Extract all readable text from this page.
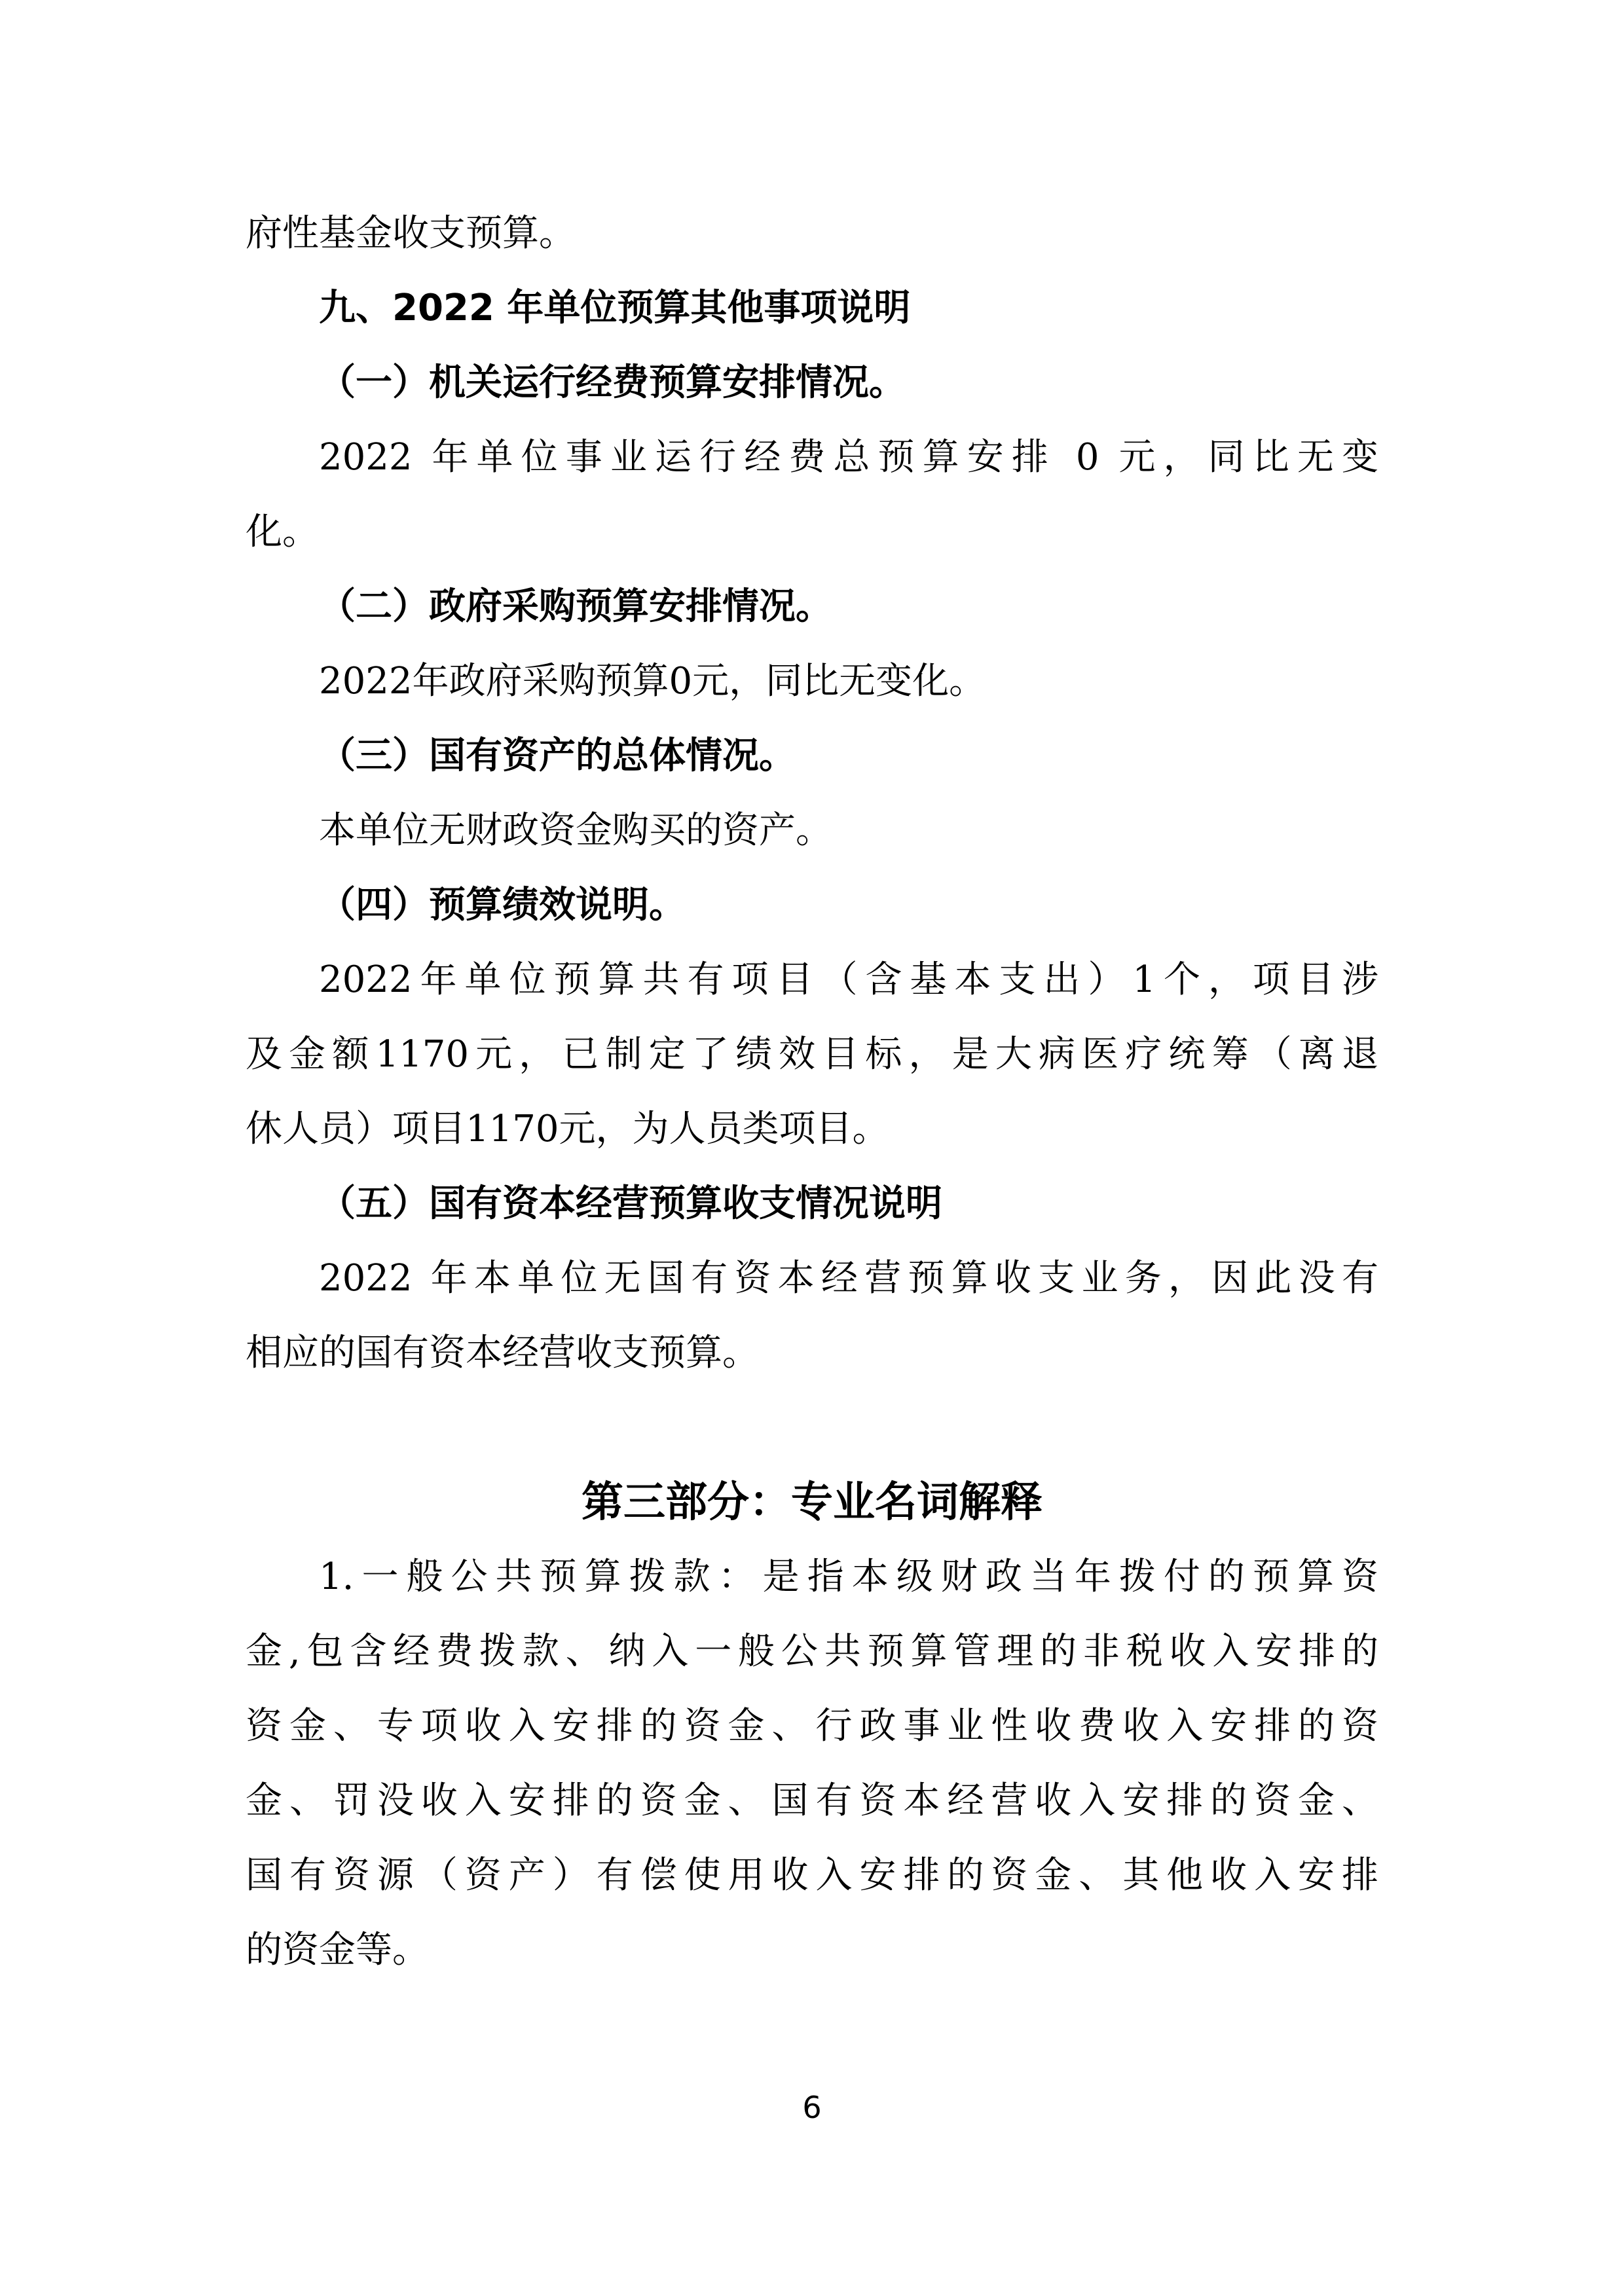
府性基金收支预算。
九、2022 年单位预算其他事项说明
（一）机关运行经费预算安排情况。
2022 年单位事业运行经费总预算安排 0 元，同比无变
化。
（二）政府采购预算安排情况。
2022年政府采购预算0元，同比无变化。
（三）国有资产的总体情况。
本单位无财政资金购买的资产。
（四）预算绩效说明。
2022年单位预算共有项目（含基本支出）1个，项目涉
及金额1170元，已制定了绩效目标，是大病医疗统筹（离退
休人员）项目1170元，为人员类项目。
（五）国有资本经营预算收支情况说明
2022 年本单位无国有资本经营预算收支业务，因此没有
相应的国有资本经营收支预算。
第三部分：专业名词解释
1.一般公共预算拨款：是指本级财政当年拨付的预算资
金,包含经费拨款、纳入一般公共预算管理的非税收入安排的
资金、专项收入安排的资金、行政事业性收费收入安排的资
金、罚没收入安排的资金、国有资本经营收入安排的资金、
国有资源（资产）有偿使用收入安排的资金、其他收入安排
的资金等。
6
